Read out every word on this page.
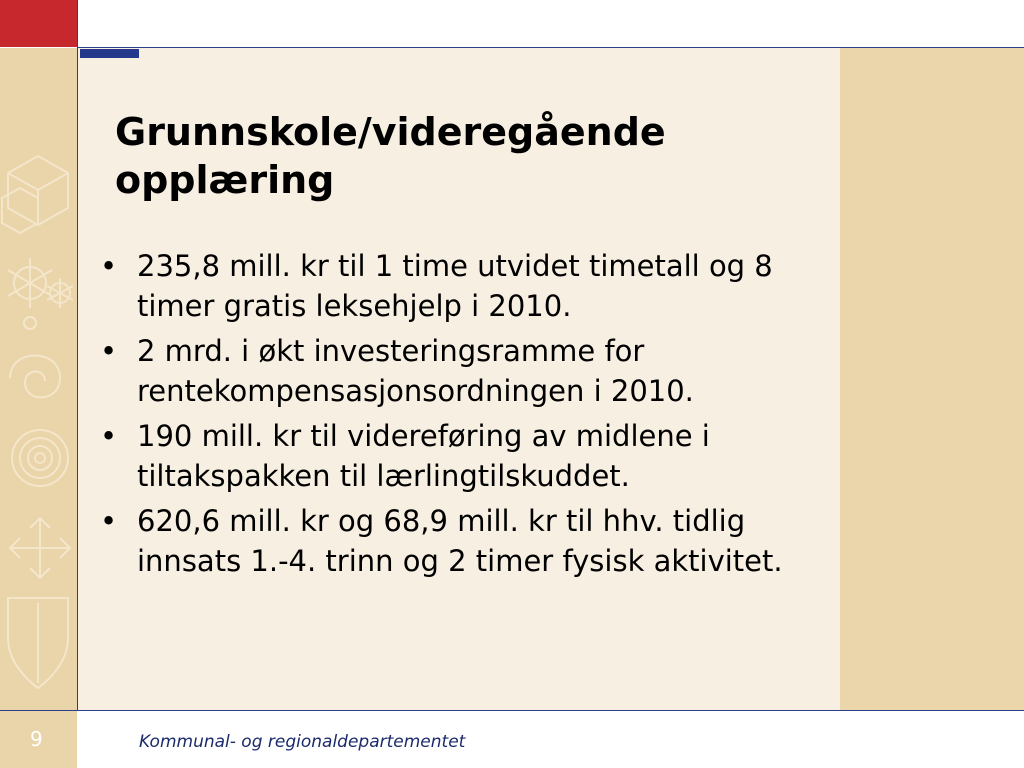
Grunnskole/videregående opplæring
• 235,8 mill. kr til 1 time utvidet timetall og 8 timer gratis leksehjelp i 2010.
• 2 mrd. i økt investeringsramme for rentekompensasjonsordningen i 2010.
• 190 mill. kr til videreføring av midlene i tiltakspakken til lærlingtilskuddet.
• 620,6 mill. kr og 68,9 mill. kr til hhv. tidlig innsats 1.-4. trinn og 2 timer fysisk aktivitet.
9	Kommunal- og regionaldepartementet
